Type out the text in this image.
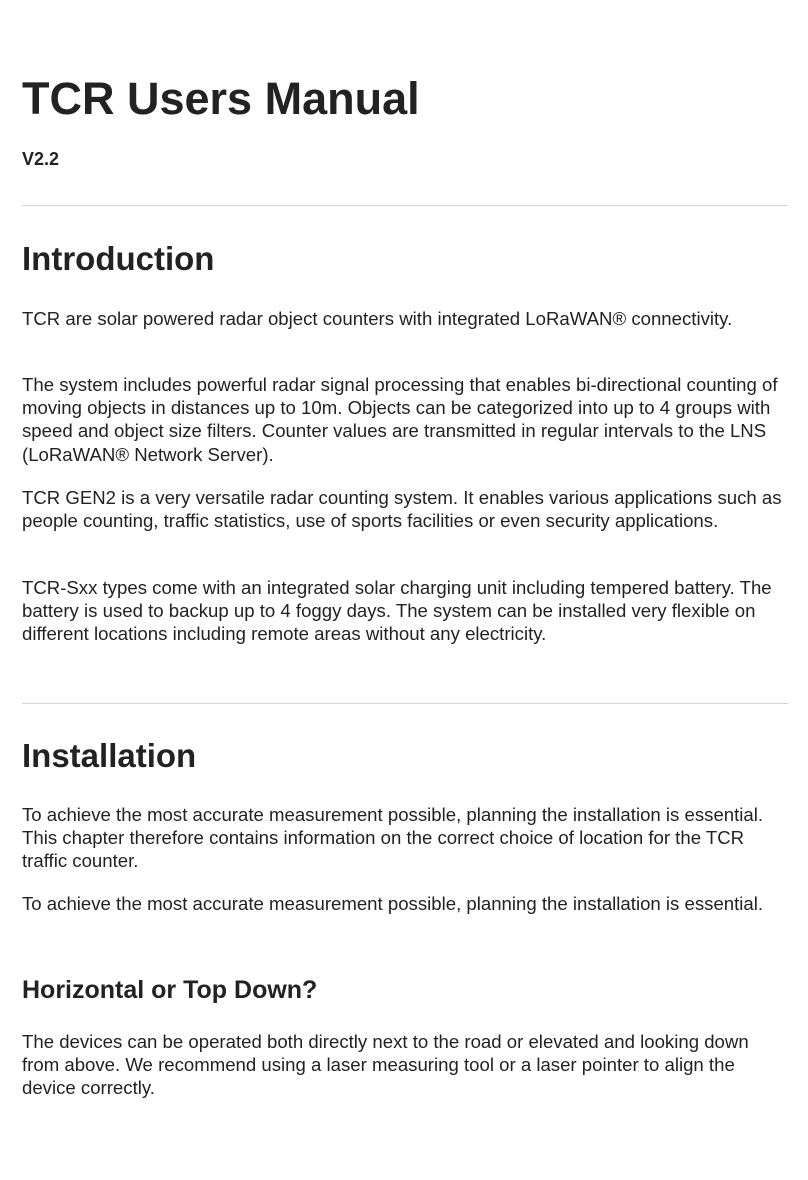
TCR Users Manual
V2.2
Introduction

TCR are solar powered radar object counters with integrated LoRaWAN® connectivity.

The system includes powerful radar signal processing that enables bi-directional counting of moving objects in distances up to 10m. Objects can be categorized into up to 4 groups with speed and object size filters. Counter values are transmitted in regular intervals to the LNS (LoRaWAN® Network Server).

TCR GEN2 is a very versatile radar counting system. It enables various applications such as people counting, traffic statistics, use of sports facilities or even security applications.

TCR-Sxx types come with an integrated solar charging unit including tempered battery. The battery is used to backup up to 4 foggy days. The system can be installed very flexible on different locations including remote areas without any electricity.

Installation

To achieve the most accurate measurement possible, planning the installation is essential. This chapter therefore contains information on the correct choice of location for the TCR traffic counter.

To achieve the most accurate measurement possible, planning the installation is essential.

Horizontal or Top Down?

The devices can be operated both directly next to the road or elevated and looking down from above. We recommend using a laser measuring tool or a laser pointer to align the device correctly.
